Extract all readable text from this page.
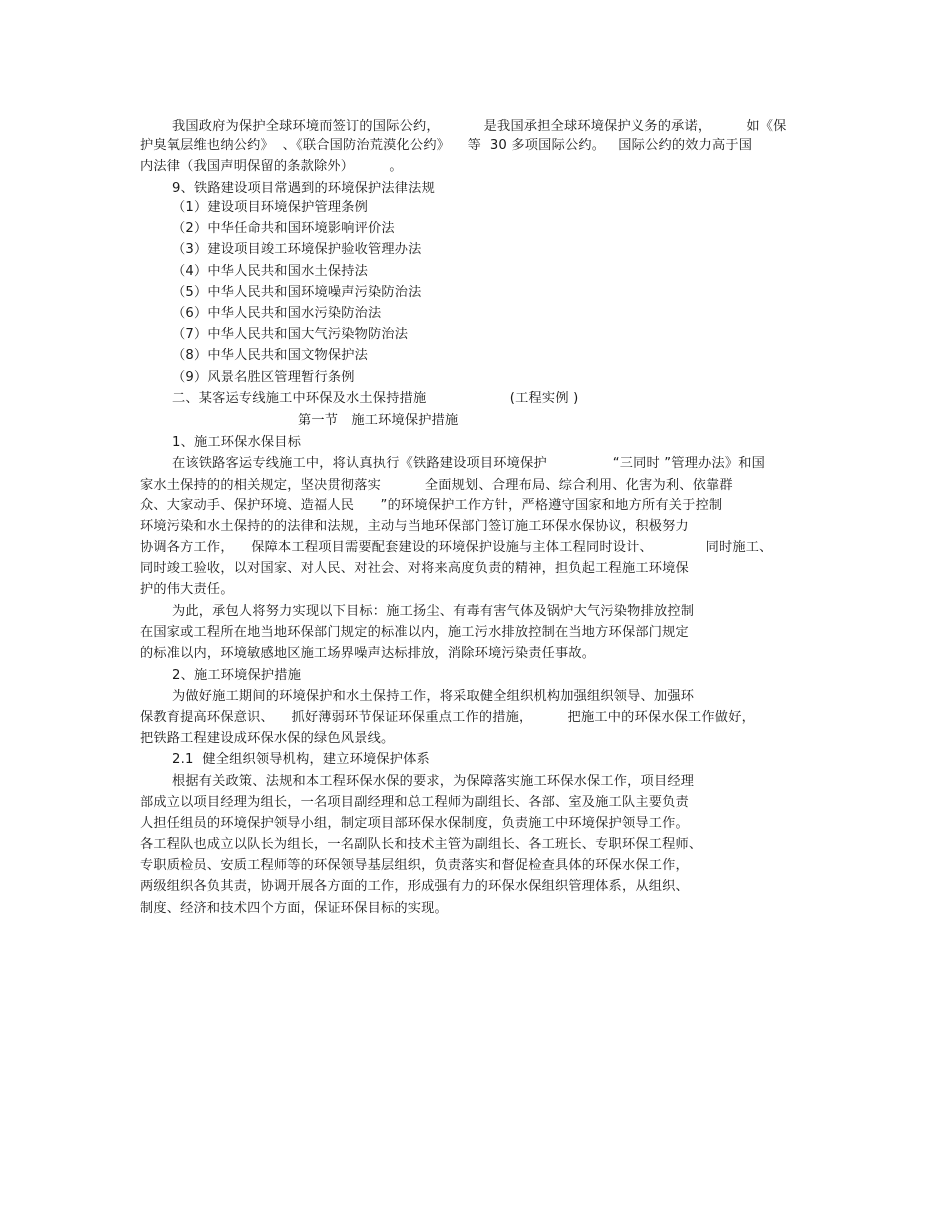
我国政府为保护全球环境而签订的国际公约，          是我国承担全球环境保护义务的承诺，        如《保
护臭氧层维也纳公约》  、《联合国防治荒漠化公约》    等  30 多项国际公约。   国际公约的效力高于国
内法律（我国声明保留的条款除外）        。
9、铁路建设项目常遇到的环境保护法律法规
（1）建设项目环境保护管理条例
（2）中华任命共和国环境影响评价法
（3）建设项目竣工环境保护验收管理办法
（4）中华人民共和国水土保持法
（5）中华人民共和国环境噪声污染防治法
（6）中华人民共和国水污染防治法
（7）中华人民共和国大气污染物防治法
（8）中华人民共和国文物保护法
（9）风景名胜区管理暂行条例
二、某客运专线施工中环保及水土保持措施                   (工程实例 )
第一节   施工环境保护措施
1、施工环保水保目标
在该铁路客运专线施工中，将认真执行《铁路建设项目环境保护               “三同时 ”管理办法》和国
家水土保持的的相关规定，坚决贯彻落实          全面规划、合理布局、综合利用、化害为利、依靠群
众、大家动手、保护环境、造福人民      ”的环境保护工作方针，严格遵守国家和地方所有关于控制
环境污染和水土保持的的法律和法规，主动与当地环保部门签订施工环保水保协议，积极努力
协调各方工作，    保障本工程项目需要配套建设的环境保护设施与主体工程同时设计、            同时施工、
同时竣工验收，以对国家、对人民、对社会、对将来高度负责的精神，担负起工程施工环境保
护的伟大责任。
为此，承包人将努力实现以下目标：施工扬尘、有毒有害气体及锅炉大气污染物排放控制
在国家或工程所在地当地环保部门规定的标准以内，施工污水排放控制在当地方环保部门规定
的标准以内，环境敏感地区施工场界噪声达标排放，消除环境污染责任事故。
2、施工环境保护措施
为做好施工期间的环境保护和水土保持工作，将采取健全组织机构加强组织领导、加强环
保教育提高环保意识、    抓好薄弱环节保证环保重点工作的措施，        把施工中的环保水保工作做好，
把铁路工程建设成环保水保的绿色风景线。
2.1  健全组织领导机构，建立环境保护体系
根据有关政策、法规和本工程环保水保的要求，为保障落实施工环保水保工作，项目经理
部成立以项目经理为组长，一名项目副经理和总工程师为副组长、各部、室及施工队主要负责
人担任组员的环境保护领导小组，制定项目部环保水保制度，负责施工中环境保护领导工作。
各工程队也成立以队长为组长，一名副队长和技术主管为副组长、各工班长、专职环保工程师、
专职质检员、安质工程师等的环保领导基层组织，负责落实和督促检查具体的环保水保工作，
两级组织各负其责，协调开展各方面的工作，形成强有力的环保水保组织管理体系，从组织、
制度、经济和技术四个方面，保证环保目标的实现。
